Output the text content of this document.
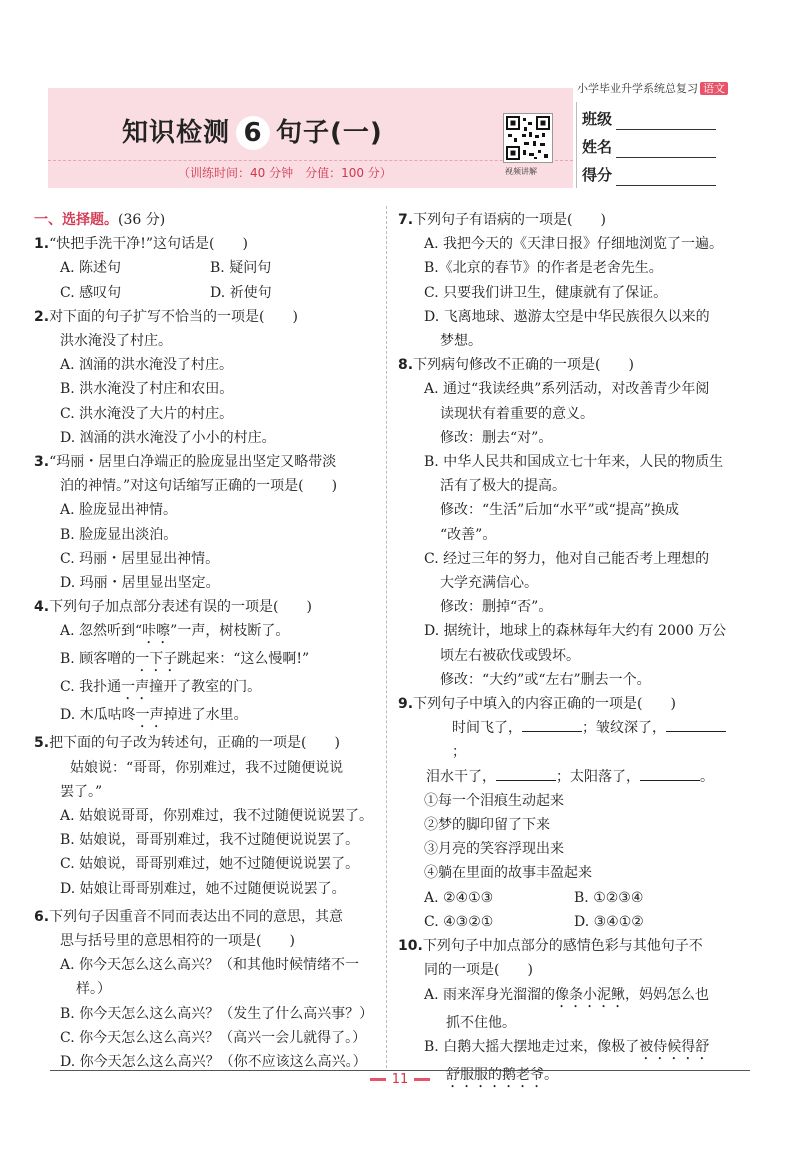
小学毕业升学系统总复习 语文
知识检测 6 句子(一)
（训练时间：40 分钟　分值：100 分）	视频讲解
班级
姓名
得分
一、选择题。(36 分)
1.“快把手洗干净!”这句话是(　　)
A. 陈述句	B. 疑问句
C. 感叹句	D. 祈使句
2.对下面的句子扩写不恰当的一项是(　　)
洪水淹没了村庄。
A. 汹涌的洪水淹没了村庄。
B. 洪水淹没了村庄和农田。
C. 洪水淹没了大片的村庄。
D. 汹涌的洪水淹没了小小的村庄。
3.“玛丽・居里白净端正的脸庞显出坚定又略带淡
泊的神情。”对这句话缩写正确的一项是(　　)
A. 脸庞显出神情。
B. 脸庞显出淡泊。
C. 玛丽・居里显出神情。
D. 玛丽・居里显出坚定。
4.下列句子加点部分表述有误的一项是(　　)
A. 忽然听到“咔嚓”一声，树枝断了。
B. 顾客噌的一下子跳起来：“这么慢啊!”
C. 我扑通一声撞开了教室的门。
D. 木瓜咕咚一声掉进了水里。
5.把下面的句子改为转述句，正确的一项是(　　)
姑娘说：“哥哥，你别难过，我不过随便说说
罢了。”
A. 姑娘说哥哥，你别难过，我不过随便说说罢了。
B. 姑娘说，哥哥别难过，我不过随便说说罢了。
C. 姑娘说，哥哥别难过，她不过随便说说罢了。
D. 姑娘让哥哥别难过，她不过随便说说罢了。
6.下列句子因重音不同而表达出不同的意思，其意
思与括号里的意思相符的一项是(　　)
A. 你今天怎么这么高兴？（和其他时候情绪不一
样。）
B. 你今天怎么这么高兴？（发生了什么高兴事？）
C. 你今天怎么这么高兴？（高兴一会儿就得了。）
D. 你今天怎么这么高兴？（你不应该这么高兴。）
7.下列句子有语病的一项是(　　)
A. 我把今天的《天津日报》仔细地浏览了一遍。
B.《北京的春节》的作者是老舍先生。
C. 只要我们讲卫生，健康就有了保证。
D. 飞离地球、遨游太空是中华民族很久以来的
梦想。
8.下列病句修改不正确的一项是(　　)
A. 通过“我读经典”系列活动，对改善青少年阅
读现状有着重要的意义。
修改：删去“对”。
B. 中华人民共和国成立七十年来，人民的物质生
活有了极大的提高。
修改：“生活”后加“水平”或“提高”换成
“改善”。
C. 经过三年的努力，他对自己能否考上理想的
大学充满信心。
修改：删掉“否”。
D. 据统计，地球上的森林每年大约有 2000 万公
顷左右被砍伐或毁坏。
修改：“大约”或“左右”删去一个。
9.下列句子中填入的内容正确的一项是(　　)
时间飞了，	；皱纹深了，；
泪水干了，	；太阳落了，	。
①每一个泪痕生动起来
②梦的脚印留了下来
③月亮的笑容浮现出来
④躺在里面的故事丰盈起来
A. ②④①③	B. ①②③④
C. ④③②①	D. ③④①②
10.下列句子中加点部分的感情色彩与其他句子不
同的一项是(　　)
A. 雨来浑身光溜溜的像条小泥鳅，妈妈怎么也
抓不住他。
B. 白鹅大摇大摆地走过来，像极了被侍候得舒
舒服服的鹅老爷。
11
